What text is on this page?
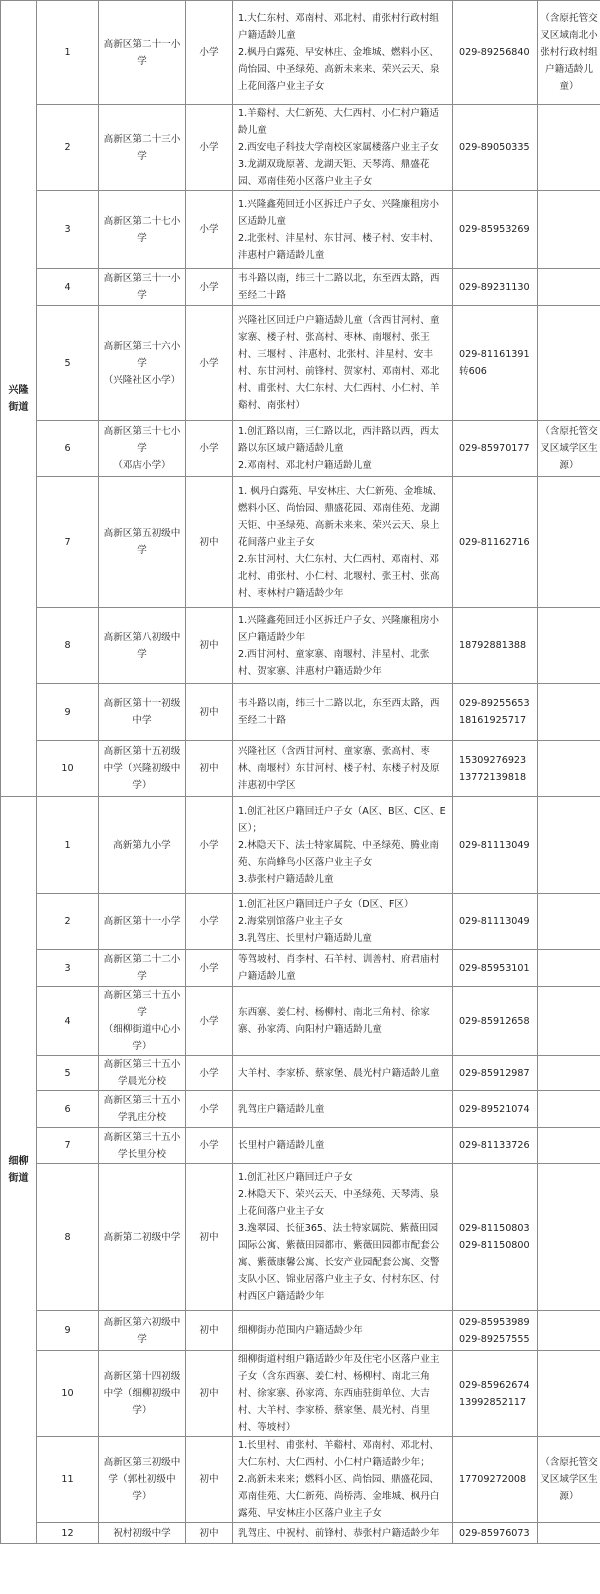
兴隆街道	1	高新区第二十一小学	小学	1.大仁东村、邓南村、邓北村、甫张村行政村组户籍适龄儿童
2.枫丹白露苑、早安林庄、金堆城、燃料小区、尚怡园、中圣绿苑、高新未来来、荣兴云天、泉上花间落户业主子女	029-89256840	（含原托管交叉区域南北小张村行政村组户籍适龄儿童）

	2	高新区第二十三小学	小学	1.羊谿村、大仁新苑、大仁西村、小仁村户籍适龄儿童
2.西安电子科技大学南校区家属楼落户业主子女 3.龙湖双珑原著、龙湖天钜、天琴湾、鼎盛花园、邓南佳苑小区落户业主子女	029-89050335	

	3	高新区第二十七小学	小学	1.兴隆鑫苑回迁小区拆迁户子女、兴隆廉租房小区适龄儿童
2.北张村、沣星村、东甘河、楼子村、安丰村、沣惠村户籍适龄儿童	029-85953269	

	4	高新区第三十一小学	小学	韦斗路以南，纬三十二路以北，东至西太路，西至经二十路	029-89231130	

	5	高新区第三十六小学
（兴隆社区小学）	小学	兴隆社区回迁户户籍适龄儿童（含西甘河村、童家寨、楼子村、张高村、枣林、南堰村、张王村、三堰村 、沣惠村、北张村、沣星村、安丰村、东甘河村、前锋村、贺家村、邓南村、邓北村、甫张村、大仁东村、大仁西村、小仁村、羊谿村、南张村）	029-81161391
转606	

	6	高新区第三十七小学
（邓店小学）	小学	1.创汇路以南，三仁路以北，西沣路以西，西太路以东区域户籍适龄儿童
2.邓南村、邓北村户籍适龄儿童	029-85970177	（含原托管交叉区域学区生源）

	7	高新区第五初级中学	初中	1. 枫丹白露苑、早安林庄、大仁新苑、金堆城、燃料小区、尚怡园、鼎盛花园、邓南佳苑、龙湖天钜、中圣绿苑、高新未来来、荣兴云天、泉上花间落户业主子女
2.东甘河村、大仁东村、大仁西村、邓南村、邓北村、甫张村、小仁村、北堰村、张王村、张高村、枣林村户籍适龄少年	029-81162716	

	8	高新区第八初级中学	初中	1.兴隆鑫苑回迁小区拆迁户子女、兴隆廉租房小区户籍适龄少年
2.西甘河村、童家寨、南堰村、沣星村、北张村、贺家寨、沣惠村户籍适龄少年	18792881388	

	9	高新区第十一初级中学	初中	韦斗路以南，纬三十二路以北，东至西太路，西至经二十路	029-89255653
18161925717	

	10	高新区第十五初级中学（兴隆初级中学）	初中	兴隆社区（含西甘河村、童家寨、张高村、枣林、南堰村）东甘河村、楼子村、东楼子村及原沣惠初中学区	15309276923
13772139818	

细柳街道	1	高新第九小学	小学	1.创汇社区户籍回迁户子女（A区、B区、C区、E区）；
2.林隐天下、法士特家属院、中圣绿苑、腾业南苑、东尚蜂鸟小区落户业主子女
3.恭张村户籍适龄儿童	029-81113049	

	2	高新区第十一小学	小学	1.创汇社区户籍回迁户子女（D区、F区）
2.海棠别馆落户业主子女
3.乳驾庄、长里村户籍适龄儿童	029-81113049	

	3	高新区第二十二小学	小学	等驾坡村、肖李村、石羊村、训善村、府君庙村户籍适龄儿童	029-85953101	

	4	高新区第三十五小学
（细柳街道中心小学）	小学	东西寨、姜仁村、杨柳村、南北三角村、徐家寨、孙家湾、向阳村户籍适龄儿童	029-85912658	

	5	高新区第三十五小学晨光分校	小学	大羊村、李家桥、蔡家堡、晨光村户籍适龄儿童	029-85912987	

	6	高新区第三十五小学乳庄分校	小学	乳驾庄户籍适龄儿童	029-89521074	

	7	高新区第三十五小学长里分校	小学	长里村户籍适龄儿童	029-81133726	

	8	高新第二初级中学	初中	1.创汇社区户籍回迁户子女
2.林隐天下、荣兴云天、中圣绿苑、天琴湾、泉上花间落户业主子女
3.逸翠园、长征365、法士特家属院、紫薇田园国际公寓、紫薇田园都市、紫薇田园都市配套公寓、紫薇康馨公寓、长安产业园配套公寓、交警支队小区、锦业居落户业主子女、付村东区、付村西区户籍适龄少年	029-81150803
029-81150800	

	9	高新区第六初级中学	初中	细柳街办范围内户籍适龄少年	029-85953989
029-89257555	

	10	高新区第十四初级中学（细柳初级中学）	初中	细柳街道村组户籍适龄少年及住宅小区落户业主子女（含东西寨、姜仁村、杨柳村、南北三角村、徐家寨、孙家湾、东西庙驻街单位、大吉村、大羊村、李家桥、蔡家堡、晨光村、肖里村、等坡村）	029-85962674
13992852117	

	11	高新区第三初级中学（郭杜初级中学）	初中	1.长里村、甫张村、羊谿村、邓南村、邓北村、大仁东村、大仁西村、小仁村户籍适龄少年；
2.高新未来来；燃料小区、尚怡园、鼎盛花园、邓南佳苑、大仁新苑、尚桥湾、金堆城、枫丹白露苑、早安林庄小区落户业主子女	17709272008	（含原托管交叉区域学区生源）

	12	祝村初级中学	初中	乳驾庄、中祝村、前锋村、恭张村户籍适龄少年	029-85976073	
